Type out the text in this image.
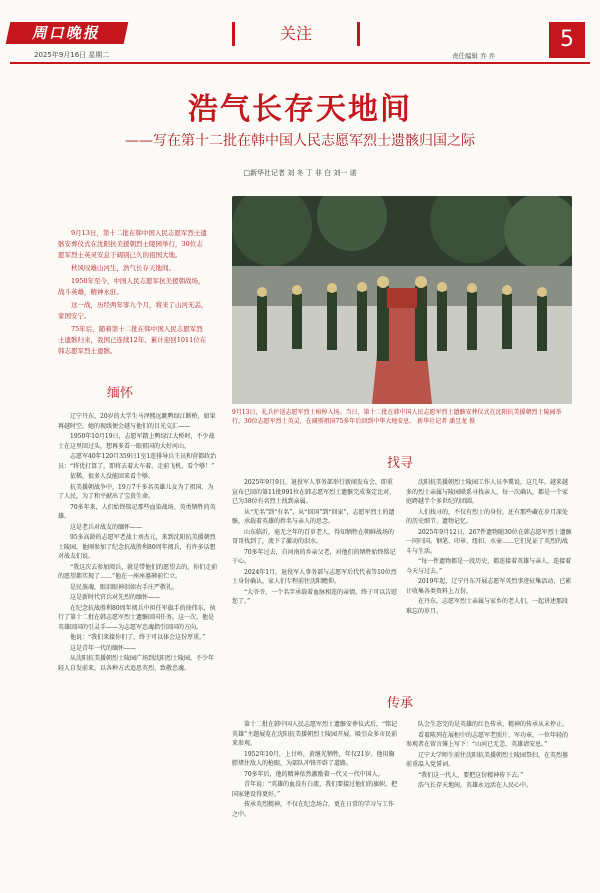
周口晚报
2025年9月16日 星期二
关注
责任编辑 乔 乔
5
浩气长存天地间
——写在第十二批在韩中国人民志愿军烈士遗骸归国之际
□新华社记者 刘 冬 丁 非 白 刘一 诺

9月13日，第十二批在韩中国人民志愿军烈士遗骸安葬仪式在沈阳抗美援朝烈士陵园举行，30位志愿军烈士英灵安息于阔别已久的祖国大地。

秋风叹雄山河生，浩气长存天地间。

1950年至今，中国人民志愿军抗美援朝战场，战斗英雄，精神永驻。

这一战，历经两年零九个月，将来了山河无恙，家国安宁。

75年后，随着第十二批在韩中国人民志愿军烈士遗骸归来，我国已连续12年、累计迎回1011位在韩志愿军烈士遗骸。

9月13日，礼兵护送志愿军烈士棺椁入场。当日，第十二批在韩中国人民志愿军烈士遗骸安葬仪式在沈阳抗美援朝烈士陵园举行，30位志愿军烈士英灵，在阔别祖国75多年后回到中华大地安息。 新华社记者 潘昱龙 摄
缅怀

辽宁丹东，20岁的大学生马泽熙远眺鸭绿江断桥，如果再越时空，她的视线便会越与他们的目光交汇——

1950年10月19日，志愿军踏上鸭绿江大桥时，不少战士在这里回过头，想再多看一眼祖国的大好河山。

志愿军40年120月359日1室1连排导兵王员和营都政治员：“将优打算了，即将去着大车着，走前飞机，看个够！”

依稀，很多人没能回来看个够。

抗美援朝战争中，19万7千多名英雄儿女为了祖国、为了人民，为了和平献出了宝贵生命。

70多年来，人们始终铭记那些血染战场、英勇牺牲的英雄。

这是老兵对战友的缅怀——

95多高龄的志愿军老战士刘杰元，来到沈阳抗美援朝烈士陵园，他刚参加了纪念抗战胜利80周年阅兵，有许多话想对战友们说。

“我这次去参加阅兵，就是带他们的愿望去的，你们走前的愿望都实现了……”他在一座座墓碑前伫立。

是民族魂，眼泪眼神泪如右手庄严敬礼。

这是新时代官兵对先烈的缅怀——

在纪念抗战胜利80周年阅兵中担任军旗手的徐伟东，执行了第十二批在韩志愿军烈士遗骸回国任务。这一次，他是英雄回国的引灵手——为志愿军忠魂指引回国的方向。

他说：“我们来接你们了，终于可以体会这份厚重。”

这是青年一代的缅怀——

从沈阳抗美援朝烈士陵园广场到沈阳烈士陵园，不少年轻人自发前来，以各种方式追思英烈、致敬忠魂。

找寻

2025年9月9日，退役军人事务部举行新闻发布会，即重宣布已回的第11批991位在韩志愿军烈士遗骸完成鉴定比对，已为38位有名烈士找到亲属。

从“无名”到“有名”，从“回国”到“回家”，志愿军烈士的遗骸，承载着英雄的姓名与亲人的思念。

山东临沂，毫无之年的百岁老人，得知牺牲在朝鲜战场的哥哥找到了，流下了激动的泪水。

70多年过去，自河南的乡亲父老，对他们的牺牲始终铭记于心。

2024年1月，退役军人事务部与志愿军后代代表等10位烈士身份确认，家人们专程前往沈阳瞻仰。

“大爷爷，一个名字承载着血脉相连的亲情，终于可以告慰您了。”

沈阳抗美援朝烈士陵园工作人员李冀说，这几年，越来越多的烈士亲属与陵园联系寻找亲人，每一次确认，都是一个家庭跨越半个多世纪的团圆。

人们找寻的，不仅有烈士的身份，还有那些藏在岁月深处的历史细节、遗物记忆。

2025年9月12日，267件遗物随30位在韩志愿军烈士遗骸一同归国。钢笔、印章、纽扣、水壶……它们见证了英烈的战斗与生活。

“每一件遗物都是一段历史，都连接着英雄与亲人，连接着今天与过去。”

2019年起，辽宁丹东开展志愿军英烈事迹征集活动，已累计收集各类资料上万份。

在丹东，志愿军烈士亲属与家乡的老人们，一起讲述那段难忘的岁月。

传承

第十二批在韩中国人民志愿军烈士遗骸安葬仪式后，“铭记英雄”主题展览在沈阳抗美援朝烈士陵园开展，吸引众多市民前来参观。

1952年10月，上甘岭，黄继光牺牲，年仅21岁。他用胸膛堵住敌人的枪眼，为部队冲锋开辟了道路。

70多年后，他的精神依然激励着一代又一代中国人。

青年说：“英雄的血没有白流，我们要接过他们的旗帜，把国家建设得更好。”

传承英烈精神，不仅在纪念场合，更在日常的学习与工作之中。

队会生态完的是英雄的红色传承，精神的传承从未停止。

看着陈列在展柜中的志愿军老照片、军功章，一位年轻的参观者在留言簿上写下：“山河已无恙，英雄请安息。”

辽宁大学师生前往沈阳抗美援朝烈士陵园祭扫，在英烈墓前重温入党誓词。

“我们这一代人，要把这份精神传下去。”

浩气长存天地间，英雄永远活在人民心中。
